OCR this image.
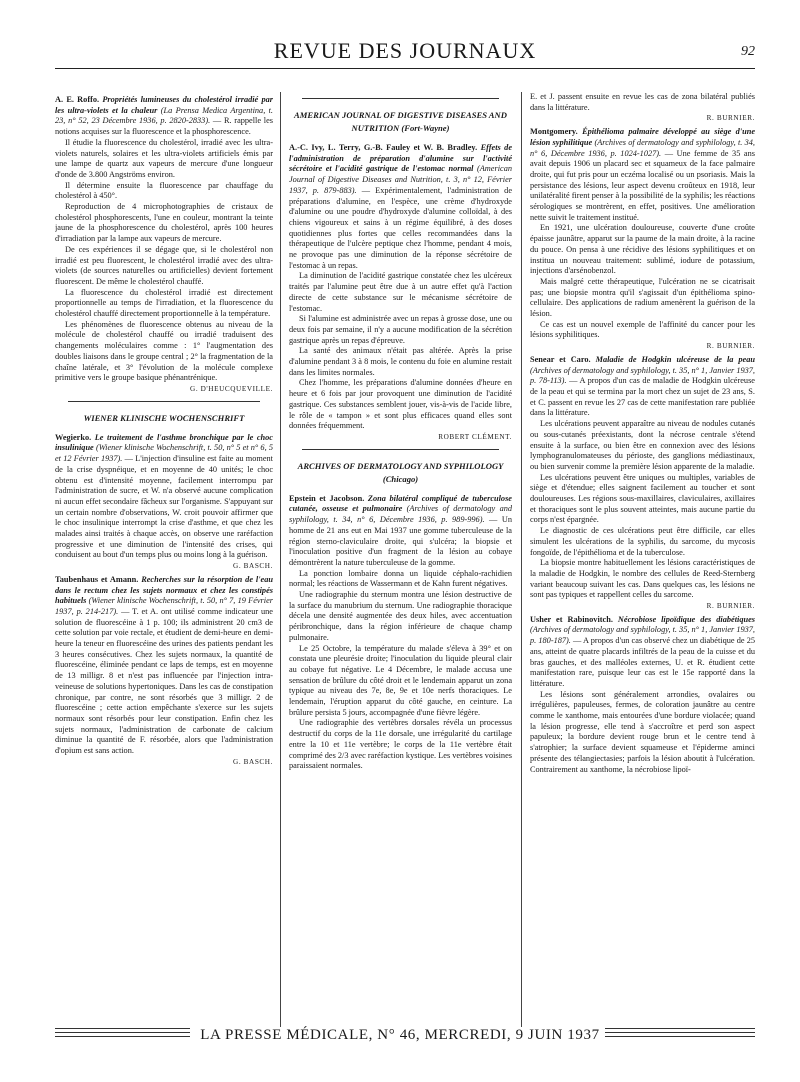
REVUE DES JOURNAUX	92

A. E. Roffo. Propriétés lumineuses du cholestérol irradié par les ultra-violets et la chaleur (La Prensa Medica Argentina, t. 23, n° 52, 23 Décembre 1936, p. 2820-2833). — R. rappelle les notions acquises sur la fluorescence et la phosphorescence.

Il étudie la fluorescence du cholestérol, irradié avec les ultra-violets naturels, solaires et les ultra-violets artificiels émis par une lampe de quartz aux vapeurs de mercure d'une longueur d'onde de 3.800 Angströms environ.

Il détermine ensuite la fluorescence par chauffage du cholestérol à 450°.

Reproduction de 4 microphotographies de cristaux de cholestérol phosphorescents, l'une en couleur, montrant la teinte jaune de la phosphorescence du cholestérol, après 100 heures d'irradiation par la lampe aux vapeurs de mercure.

De ces expériences il se dégage que, si le cholestérol non irradié est peu fluorescent, le cholestérol irradié avec des ultra-violets (de sources naturelles ou artificielles) devient fortement fluorescent. De même le cholestérol chauffé.

La fluorescence du cholestérol irradié est directement proportionnelle au temps de l'irradiation, et la fluorescence du cholestérol chauffé directement proportionnelle à la température.

Les phénomènes de fluorescence obtenus au niveau de la molécule de cholestérol chauffé ou irradié traduisent des changements moléculaires comme : 1° l'augmentation des doubles liaisons dans le groupe central ; 2° la fragmentation de la chaîne latérale, et 3° l'évolution de la molécule complexe primitive vers le groupe basique phénantrénique.

G. D'HEUCQUEVILLE.

WIENER KLINISCHE WOCHENSCHRIFT

Wegierko. Le traitement de l'asthme bronchique par le choc insulinique (Wiener klinische Wochenschrift, t. 50, n° 5 et n° 6, 5 et 12 Février 1937). — L'injection d'insuline est faite au moment de la crise dyspnéique, et en moyenne de 40 unités; le choc obtenu est d'intensité moyenne, facilement interrompu par l'administration de sucre, et W. n'a observé aucune complication ni aucun effet secondaire fâcheux sur l'organisme. S'appuyant sur un certain nombre d'observations, W. croit pouvoir affirmer que le choc insulinique interrompt la crise d'asthme, et que chez les malades ainsi traités à chaque accès, on observe une raréfaction progressive et une diminution de l'intensité des crises, qui conduisent au bout d'un temps plus ou moins long à la guérison.

G. BASCH.

Taubenhaus et Amann. Recherches sur la résorption de l'eau dans le rectum chez les sujets normaux et chez les constipés habituels (Wiener klinische Wochenschrift, t. 50, n° 7, 19 Février 1937, p. 214-217). — T. et A. ont utilisé comme indicateur une solution de fluorescéine à 1 p. 100; ils administrent 20 cm3 de cette solution par voie rectale, et étudient de demi-heure en demi-heure la teneur en fluorescéine des urines des patients pendant les 3 heures consécutives. Chez les sujets normaux, la quantité de fluorescéine, éliminée pendant ce laps de temps, est en moyenne de 13 milligr. 8 et n'est pas influencée par l'injection intra-veineuse de solutions hypertoniques. Dans les cas de constipation chronique, par contre, ne sont résorbés que 3 milligr. 2 de fluorescéine ; cette action empêchante s'exerce sur les sujets normaux sont résorbés pour leur constipation. Enfin chez les sujets normaux, l'administration de carbonate de calcium diminue la quantité de F. résorbée, alors que l'administration d'opium est sans action.

G. BASCH.

AMERICAN JOURNAL OF DIGESTIVE DISEASES AND NUTRITION (Fort-Wayne)

A.-C. Ivy, L. Terry, G.-B. Fauley et W. B. Bradley. Effets de l'administration de préparation d'alumine sur l'activité sécrétoire et l'acidité gastrique de l'estomac normal (American Journal of Digestive Diseases and Nutrition, t. 3, n° 12, Février 1937, p. 879-883). — Expérimentalement, l'administration de préparations d'alumine, en l'espèce, une crème d'hydroxyde d'alumine ou une poudre d'hydroxyde d'alumine colloïdal, à des chiens vigoureux et sains à un régime équilibré, à des doses quotidiennes plus fortes que celles recommandées dans la thérapeutique de l'ulcère peptique chez l'homme, pendant 4 mois, ne provoque pas une diminution de la réponse sécrétoire de l'estomac à un repas.

La diminution de l'acidité gastrique constatée chez les ulcéreux traités par l'alumine peut être due à un autre effet qu'à l'action directe de cette substance sur le mécanisme sécrétoire de l'estomac.

Si l'alumine est administrée avec un repas à grosse dose, une ou deux fois par semaine, il n'y a aucune modification de la sécrétion gastrique après un repas d'épreuve.

La santé des animaux n'était pas altérée. Après la prise d'alumine pendant 3 à 8 mois, le contenu du foie en alumine restait dans les limites normales.

Chez l'homme, les préparations d'alumine données d'heure en heure et 6 fois par jour provoquent une diminution de l'acidité gastrique. Ces substances semblent jouer, vis-à-vis de l'acide libre, le rôle de « tampon » et sont plus efficaces quand elles sont données fréquemment.

ROBERT CLÉMENT.

ARCHIVES OF DERMATOLOGY AND SYPHILOLOGY (Chicago)

Epstein et Jacobson. Zona bilatéral compliqué de tuberculose cutanée, osseuse et pulmonaire (Archives of dermatology and syphilology, t. 34, n° 6, Décembre 1936, p. 989-996). — Un homme de 21 ans eut en Mai 1937 une gomme tuberculeuse de la région sterno-claviculaire droite, qui s'ulcéra; la biopsie et l'inoculation positive d'un fragment de la lésion au cobaye démontrèrent la nature tuberculeuse de la gomme.

La ponction lombaire donna un liquide céphalo-rachidien normal; les réactions de Wassermann et de Kahn furent négatives.

Une radiographie du sternum montra une lésion destructive de la surface du manubrium du sternum. Une radiographie thoracique décela une densité augmentée des deux hiles, avec accentuation péribronchique, dans la région inférieure de chaque champ pulmonaire.

Le 25 Octobre, la température du malade s'éleva à 39° et on constata une pleurésie droite; l'inoculation du liquide pleural clair au cobaye fut négative. Le 4 Décembre, le malade accusa une sensation de brûlure du côté droit et le lendemain apparut un zona typique au niveau des 7e, 8e, 9e et 10e nerfs thoraciques. Le lendemain, l'éruption apparut du côté gauche, en ceinture. La brûlure persista 5 jours, accompagnée d'une fièvre légère.

Une radiographie des vertèbres dorsales révéla un processus destructif du corps de la 11e dorsale, une irrégularité du cartilage entre la 10 et 11e vertèbre; le corps de la 11e vertèbre était comprimé des 2/3 avec raréfaction kystique. Les vertèbres voisines paraissaient normales.

E. et J. passent ensuite en revue les cas de zona bilatéral publiés dans la littérature.

R. BURNIER.

Montgomery. Épithélioma palmaire développé au siège d'une lésion syphilitique (Archives of dermatology and syphilology, t. 34, n° 6, Décembre 1936, p. 1024-1027). — Une femme de 35 ans avait depuis 1906 un placard sec et squameux de la face palmaire droite, qui fut pris pour un eczéma localisé ou un psoriasis. Mais la persistance des lésions, leur aspect devenu croûteux en 1918, leur unilatéralité firent penser à la possibilité de la syphilis; les réactions sérologiques se montrèrent, en effet, positives. Une amélioration nette suivit le traitement institué.

En 1921, une ulcération douloureuse, couverte d'une croûte épaisse jaunâtre, apparut sur la paume de la main droite, à la racine du pouce. On pensa à une récidive des lésions syphilitiques et on institua un nouveau traitement: sublimé, iodure de potassium, injections d'arsénobenzol.

Mais malgré cette thérapeutique, l'ulcération ne se cicatrisait pas; une biopsie montra qu'il s'agissait d'un épithélioma spino-cellulaire. Des applications de radium amenèrent la guérison de la lésion.

Ce cas est un nouvel exemple de l'affinité du cancer pour les lésions syphilitiques.

R. BURNIER.

Senear et Caro. Maladie de Hodgkin ulcéreuse de la peau (Archives of dermatology and syphilology, t. 35, n° 1, Janvier 1937, p. 78-113). — A propos d'un cas de maladie de Hodgkin ulcéreuse de la peau et qui se termina par la mort chez un sujet de 23 ans, S. et C. passent en revue les 27 cas de cette manifestation rare publiée dans la littérature.

Les ulcérations peuvent apparaître au niveau de nodules cutanés ou sous-cutanés préexistants, dont la nécrose centrale s'étend ensuite à la surface, ou bien être en connexion avec des lésions lymphogranulomateuses du périoste, des ganglions médiastinaux, ou bien survenir comme la première lésion apparente de la maladie.

Les ulcérations peuvent être uniques ou multiples, variables de siège et d'étendue; elles saignent facilement au toucher et sont douloureuses. Les régions sous-maxillaires, claviculaires, axillaires et thoraciques sont le plus souvent atteintes, mais aucune partie du corps n'est épargnée.

Le diagnostic de ces ulcérations peut être difficile, car elles simulent les ulcérations de la syphilis, du sarcome, du mycosis fongoïde, de l'épithélioma et de la tuberculose.

La biopsie montre habituellement les lésions caractéristiques de la maladie de Hodgkin, le nombre des cellules de Reed-Sternberg variant beaucoup suivant les cas. Dans quelques cas, les lésions ne sont pas typiques et rappellent celles du sarcome.

R. BURNIER.

Usher et Rabinovitch. Nécrobiose lipoïdique des diabétiques (Archives of dermatology and syphilology, t. 35, n° 1, Janvier 1937, p. 180-187). — A propos d'un cas observé chez un diabétique de 25 ans, atteint de quatre placards infiltrés de la peau de la cuisse et du bras gauches, et des malléoles externes, U. et R. étudient cette manifestation rare, puisque leur cas est le 15e rapporté dans la littérature.

Les lésions sont généralement arrondies, ovalaires ou irrégulières, papuleuses, fermes, de coloration jaunâtre au centre comme le xanthome, mais entourées d'une bordure violacée; quand la lésion progresse, elle tend à s'accroître et perd son aspect papuleux; la bordure devient rouge brun et le centre tend à s'atrophier; la surface devient squameuse et l'épiderme aminci présente des télangiectasies; parfois la lésion aboutit à l'ulcération. Contrairement au xanthome, la nécrobiose lipoï-

LA PRESSE MÉDICALE, N° 46, MERCREDI, 9 JUIN 1937
